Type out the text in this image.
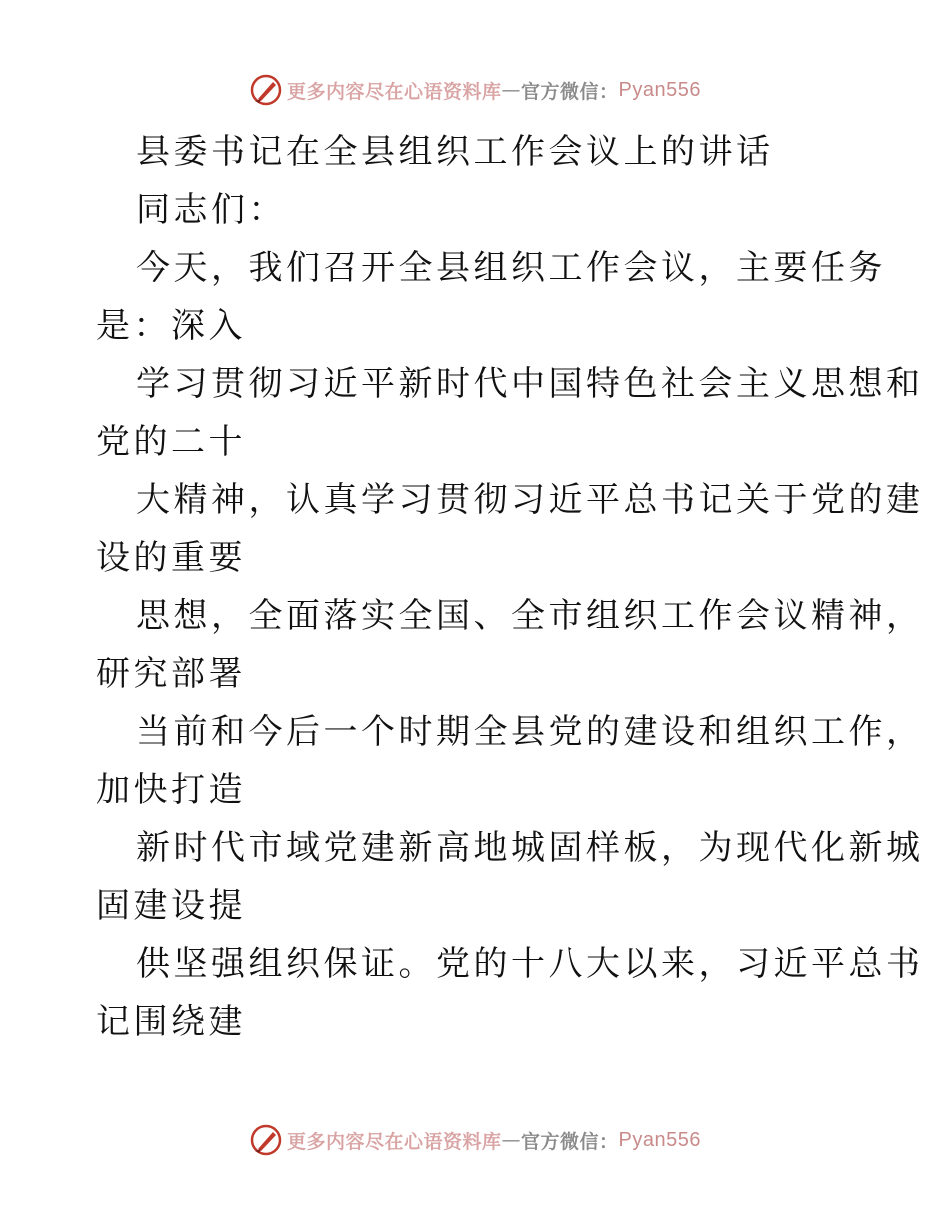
更多内容尽在心语资料库 — 官方微信： Pyan556
县委书记在全县组织工作会议上的讲话
同志们：
今天，我们召开全县组织工作会议，主要任务
是：深入
学习贯彻习近平新时代中国特色社会主义思想和
党的二十
大精神，认真学习贯彻习近平总书记关于党的建
设的重要
思想，全面落实全国、全市组织工作会议精神，
研究部署
当前和今后一个时期全县党的建设和组织工作，
加快打造
新时代市域党建新高地城固样板，为现代化新城
固建设提
供坚强组织保证。党的十八大以来，习近平总书
记围绕建
更多内容尽在心语资料库 — 官方微信： Pyan556
